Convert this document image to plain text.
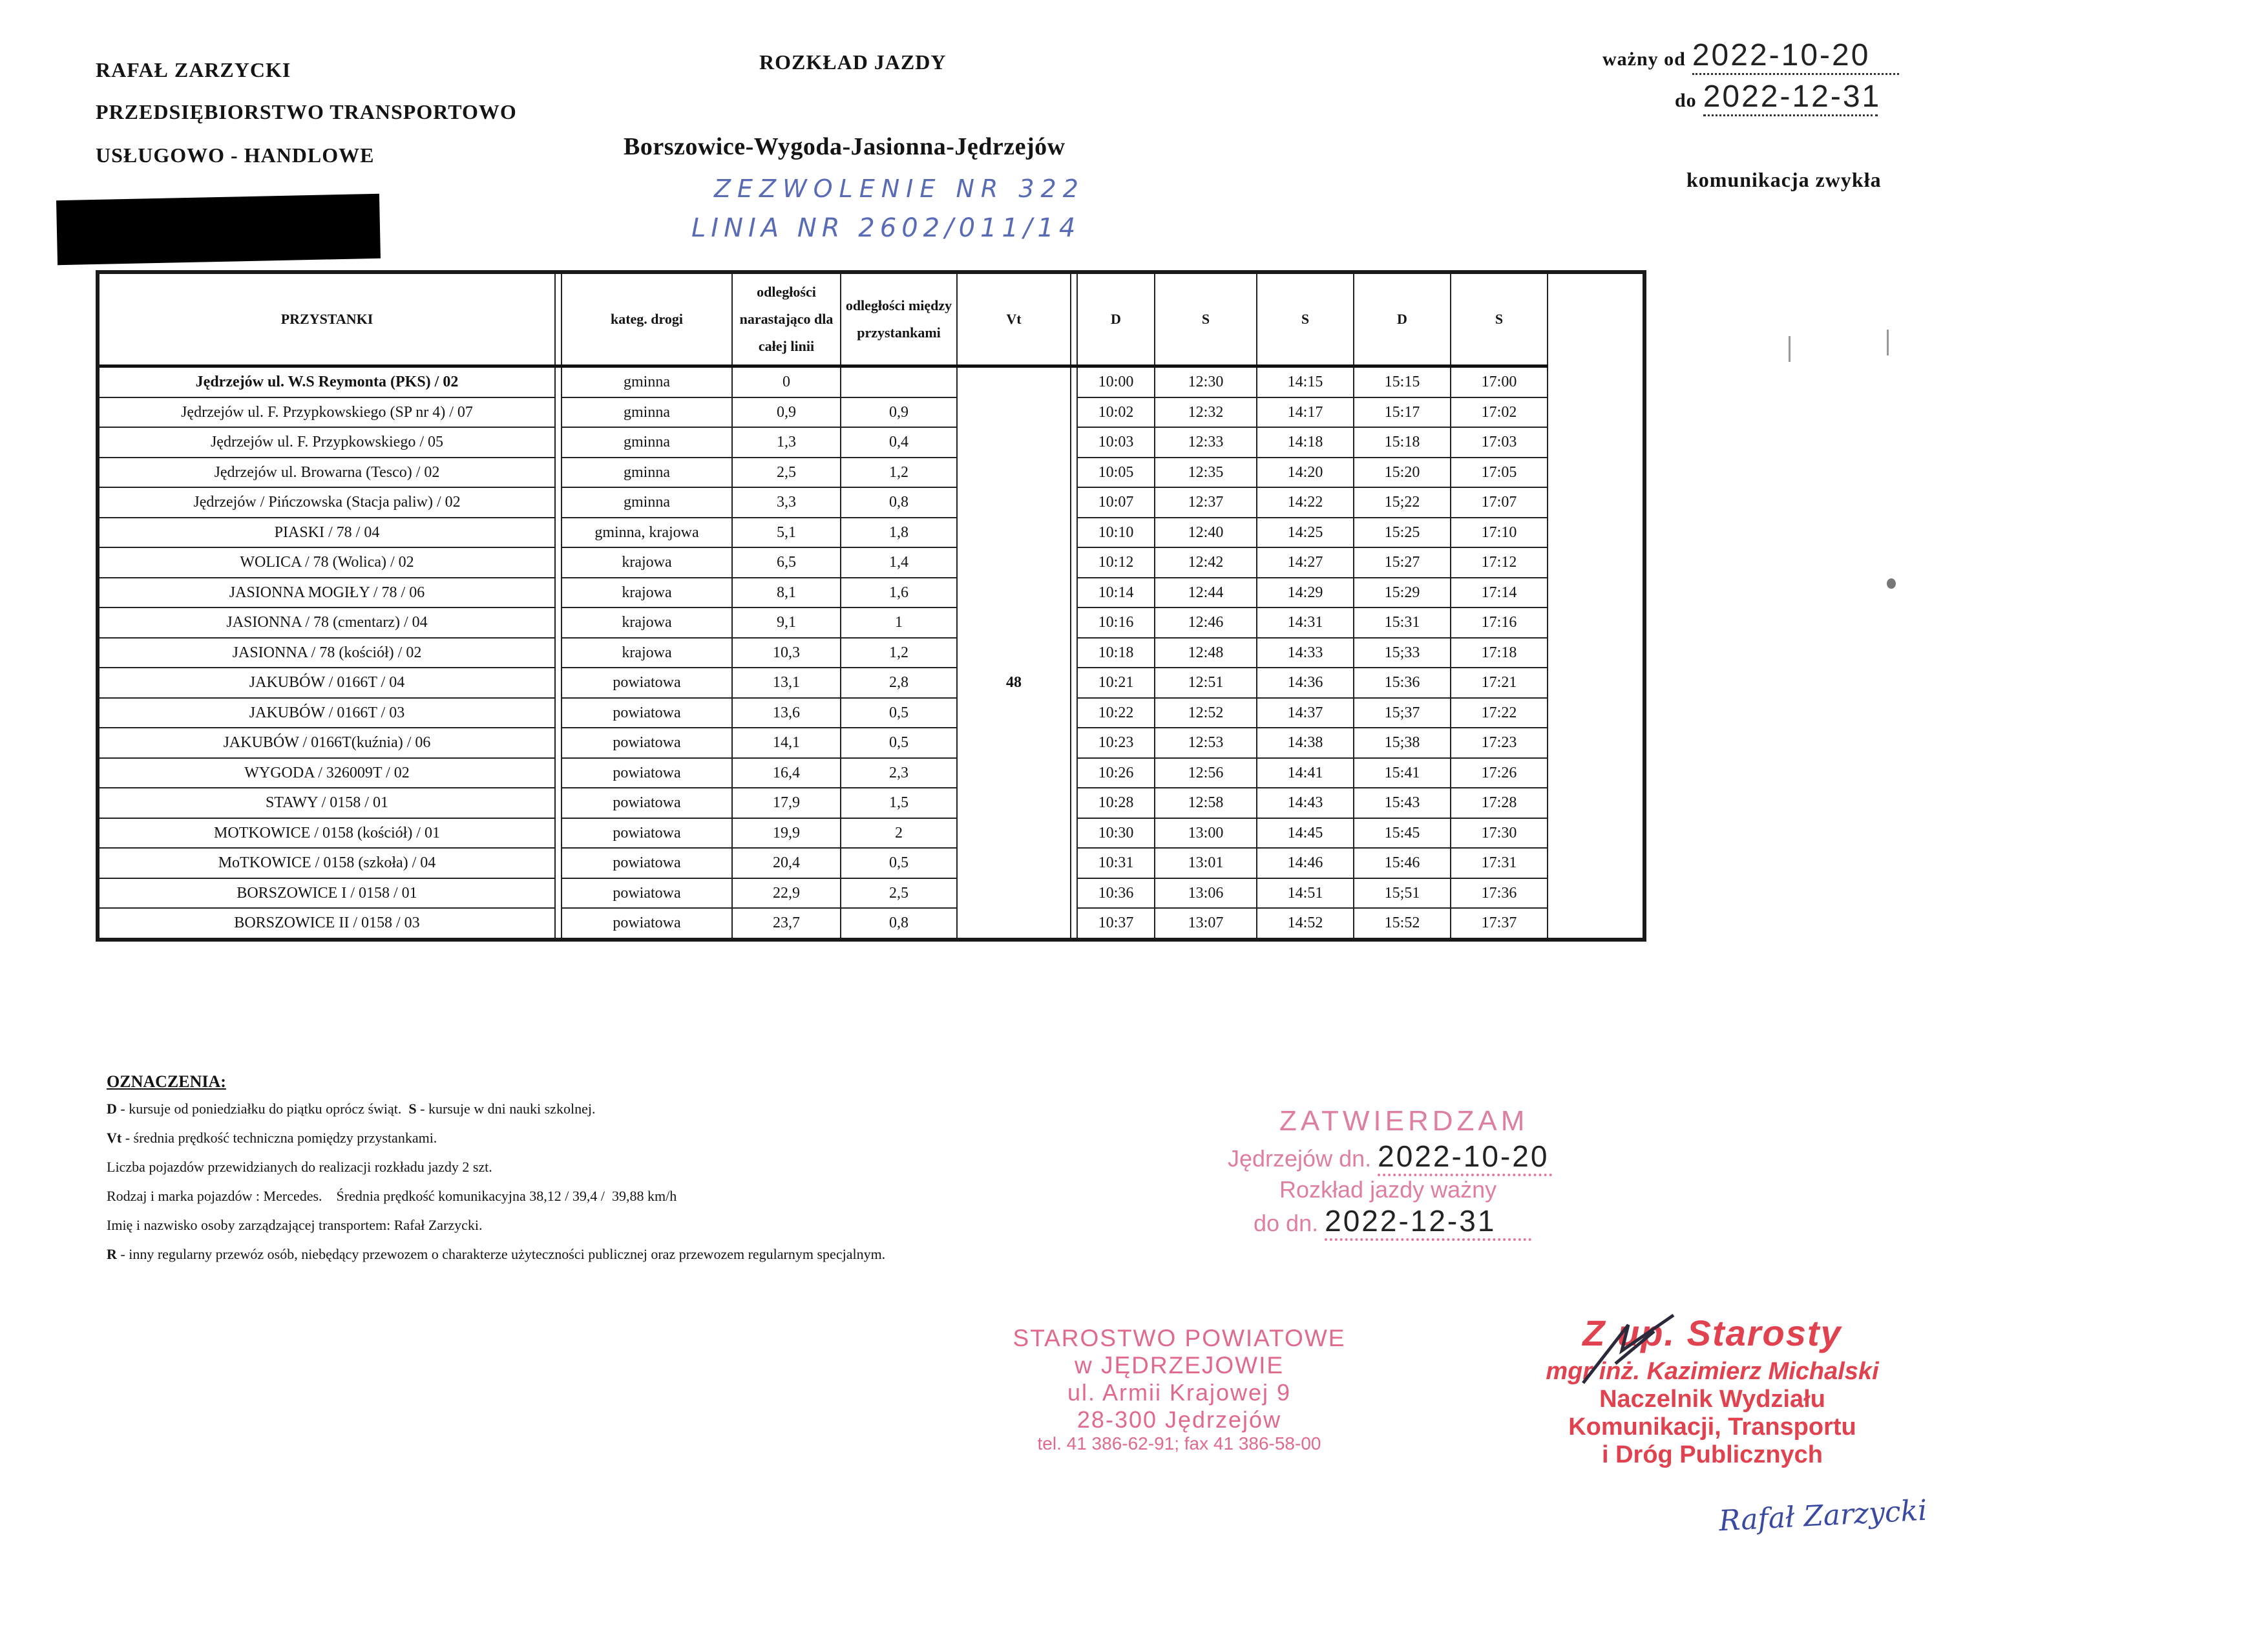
RAFAŁ ZARZYCKI
PRZEDSIĘBIORSTWO TRANSPORTOWO
USŁUGOWO - HANDLOWE
ROZKŁAD JAZDY
Borszowice-Wygoda-Jasionna-Jędrzejów
ZEZWOLENIE NR 322
LINIA NR 2602/011/14
ważny od 2022-10-20
do 2022-12-31
komunikacja zwykła
PRZYSTANKI		kateg. drogi	odległości narastająco dla całej linii	odległości między przystankami	Vt		D	S	S	D	S
Jędrzejów ul. W.S Reymonta (PKS) / 02		gminna	0				10:00	12:30	14:15	15:15	17:00
Jędrzejów ul. F. Przypkowskiego (SP nr 4) / 07		gminna	0,9	0,9			10:02	12:32	14:17	15:17	17:02
Jędrzejów ul. F. Przypkowskiego / 05		gminna	1,3	0,4			10:03	12:33	14:18	15:18	17:03
Jędrzejów ul. Browarna (Tesco) / 02		gminna	2,5	1,2			10:05	12:35	14:20	15:20	17:05
Jędrzejów / Pińczowska (Stacja paliw) / 02		gminna	3,3	0,8			10:07	12:37	14:22	15;22	17:07
PIASKI / 78 / 04		gminna, krajowa	5,1	1,8			10:10	12:40	14:25	15:25	17:10
WOLICA / 78 (Wolica) / 02		krajowa	6,5	1,4			10:12	12:42	14:27	15:27	17:12
JASIONNA MOGIŁY / 78 / 06		krajowa	8,1	1,6			10:14	12:44	14:29	15:29	17:14
JASIONNA / 78 (cmentarz) / 04		krajowa	9,1	1			10:16	12:46	14:31	15:31	17:16
JASIONNA / 78 (kościół) / 02		krajowa	10,3	1,2			10:18	12:48	14:33	15;33	17:18
JAKUBÓW / 0166T / 04		powiatowa	13,1	2,8	48		10:21	12:51	14:36	15:36	17:21
JAKUBÓW / 0166T / 03		powiatowa	13,6	0,5			10:22	12:52	14:37	15;37	17:22
JAKUBÓW / 0166T(kuźnia) / 06		powiatowa	14,1	0,5			10:23	12:53	14:38	15;38	17:23
WYGODA / 326009T / 02		powiatowa	16,4	2,3			10:26	12:56	14:41	15:41	17:26
STAWY / 0158 / 01		powiatowa	17,9	1,5			10:28	12:58	14:43	15:43	17:28
MOTKOWICE / 0158 (kościół) / 01		powiatowa	19,9	2			10:30	13:00	14:45	15:45	17:30
MoTKOWICE / 0158 (szkoła) / 04		powiatowa	20,4	0,5			10:31	13:01	14:46	15:46	17:31
BORSZOWICE I / 0158 / 01		powiatowa	22,9	2,5			10:36	13:06	14:51	15;51	17:36
BORSZOWICE II / 0158 / 03		powiatowa	23,7	0,8			10:37	13:07	14:52	15:52	17:37
OZNACZENIA:
D - kursuje od poniedziałku do piątku oprócz świąt. S - kursuje w dni nauki szkolnej.
Vt - średnia prędkość techniczna pomiędzy przystankami.
Liczba pojazdów przewidzianych do realizacji rozkładu jazdy 2 szt.
Rodzaj i marka pojazdów : Mercedes.    Średnia prędkość komunikacyjna 38,12 / 39,4 /  39,88 km/h
Imię i nazwisko osoby zarządzającej transportem: Rafał Zarzycki.
R - inny regularny przewóz osób, niebędący przewozem o charakterze użyteczności publicznej oraz przewozem regularnym specjalnym.
ZATWIERDZAM
Jędrzejów dn. 2022-10-20
Rozkład jazdy ważny
do dn. 2022-12-31
STAROSTWO POWIATOWE
w JĘDRZEJOWIE
ul. Armii Krajowej 9
28-300 Jędrzejów
tel. 41 386-62-91; fax 41 386-58-00
Z up. Starosty
mgr inż. Kazimierz Michalski
Naczelnik Wydziału
Komunikacji, Transportu
i Dróg Publicznych
Rafał Zarzycki
